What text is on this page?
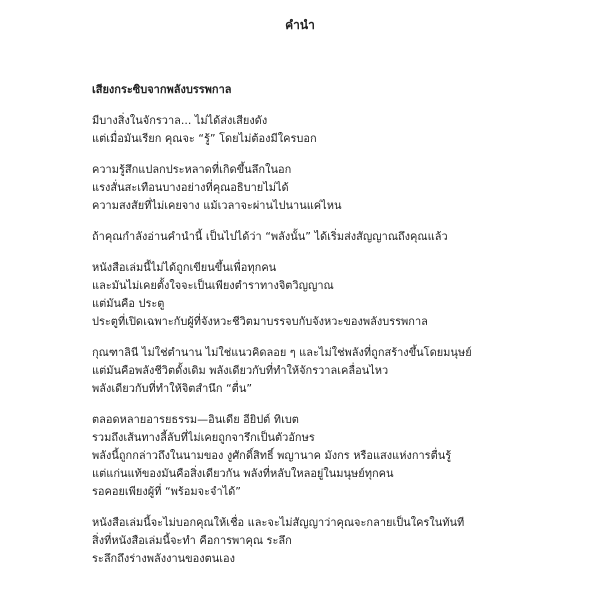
คำนำ
เสียงกระซิบจากพลังบรรพกาล
มีบางสิ่งในจักรวาล... ไม่ได้ส่งเสียงดัง
แต่เมื่อมันเรียก คุณจะ “รู้” โดยไม่ต้องมีใครบอก
ความรู้สึกแปลกประหลาดที่เกิดขึ้นลึกในอก
แรงสั่นสะเทือนบางอย่างที่คุณอธิบายไม่ได้
ความสงสัยที่ไม่เคยจาง แม้เวลาจะผ่านไปนานแค่ไหน
ถ้าคุณกำลังอ่านคำนำนี้ เป็นไปได้ว่า “พลังนั้น” ได้เริ่มส่งสัญญาณถึงคุณแล้ว
หนังสือเล่มนี้ไม่ได้ถูกเขียนขึ้นเพื่อทุกคน
และมันไม่เคยตั้งใจจะเป็นเพียงตำราทางจิตวิญญาณ
แต่มันคือ ประตู
ประตูที่เปิดเฉพาะกับผู้ที่จังหวะชีวิตมาบรรจบกับจังหวะของพลังบรรพกาล
กุณฑาลินี ไม่ใช่ตำนาน ไม่ใช่แนวคิดลอย ๆ และไม่ใช่พลังที่ถูกสร้างขึ้นโดยมนุษย์
แต่มันคือพลังชีวิตดั้งเดิม พลังเดียวกับที่ทำให้จักรวาลเคลื่อนไหว
พลังเดียวกับที่ทำให้จิตสำนึก “ตื่น”
ตลอดหลายอารยธรรม—อินเดีย อียิปต์ ทิเบต
รวมถึงเส้นทางลี้ลับที่ไม่เคยถูกจารึกเป็นตัวอักษร
พลังนี้ถูกกล่าวถึงในนามของ งูศักดิ์สิทธิ์ พญานาค มังกร หรือแสงแห่งการตื่นรู้
แต่แก่นแท้ของมันคือสิ่งเดียวกัน พลังที่หลับใหลอยู่ในมนุษย์ทุกคน
รอคอยเพียงผู้ที่ “พร้อมจะจำได้”
หนังสือเล่มนี้จะไม่บอกคุณให้เชื่อ และจะไม่สัญญาว่าคุณจะกลายเป็นใครในทันที
สิ่งที่หนังสือเล่มนี้จะทำ คือการพาคุณ ระลึก
ระลึกถึงร่างพลังงานของตนเอง
